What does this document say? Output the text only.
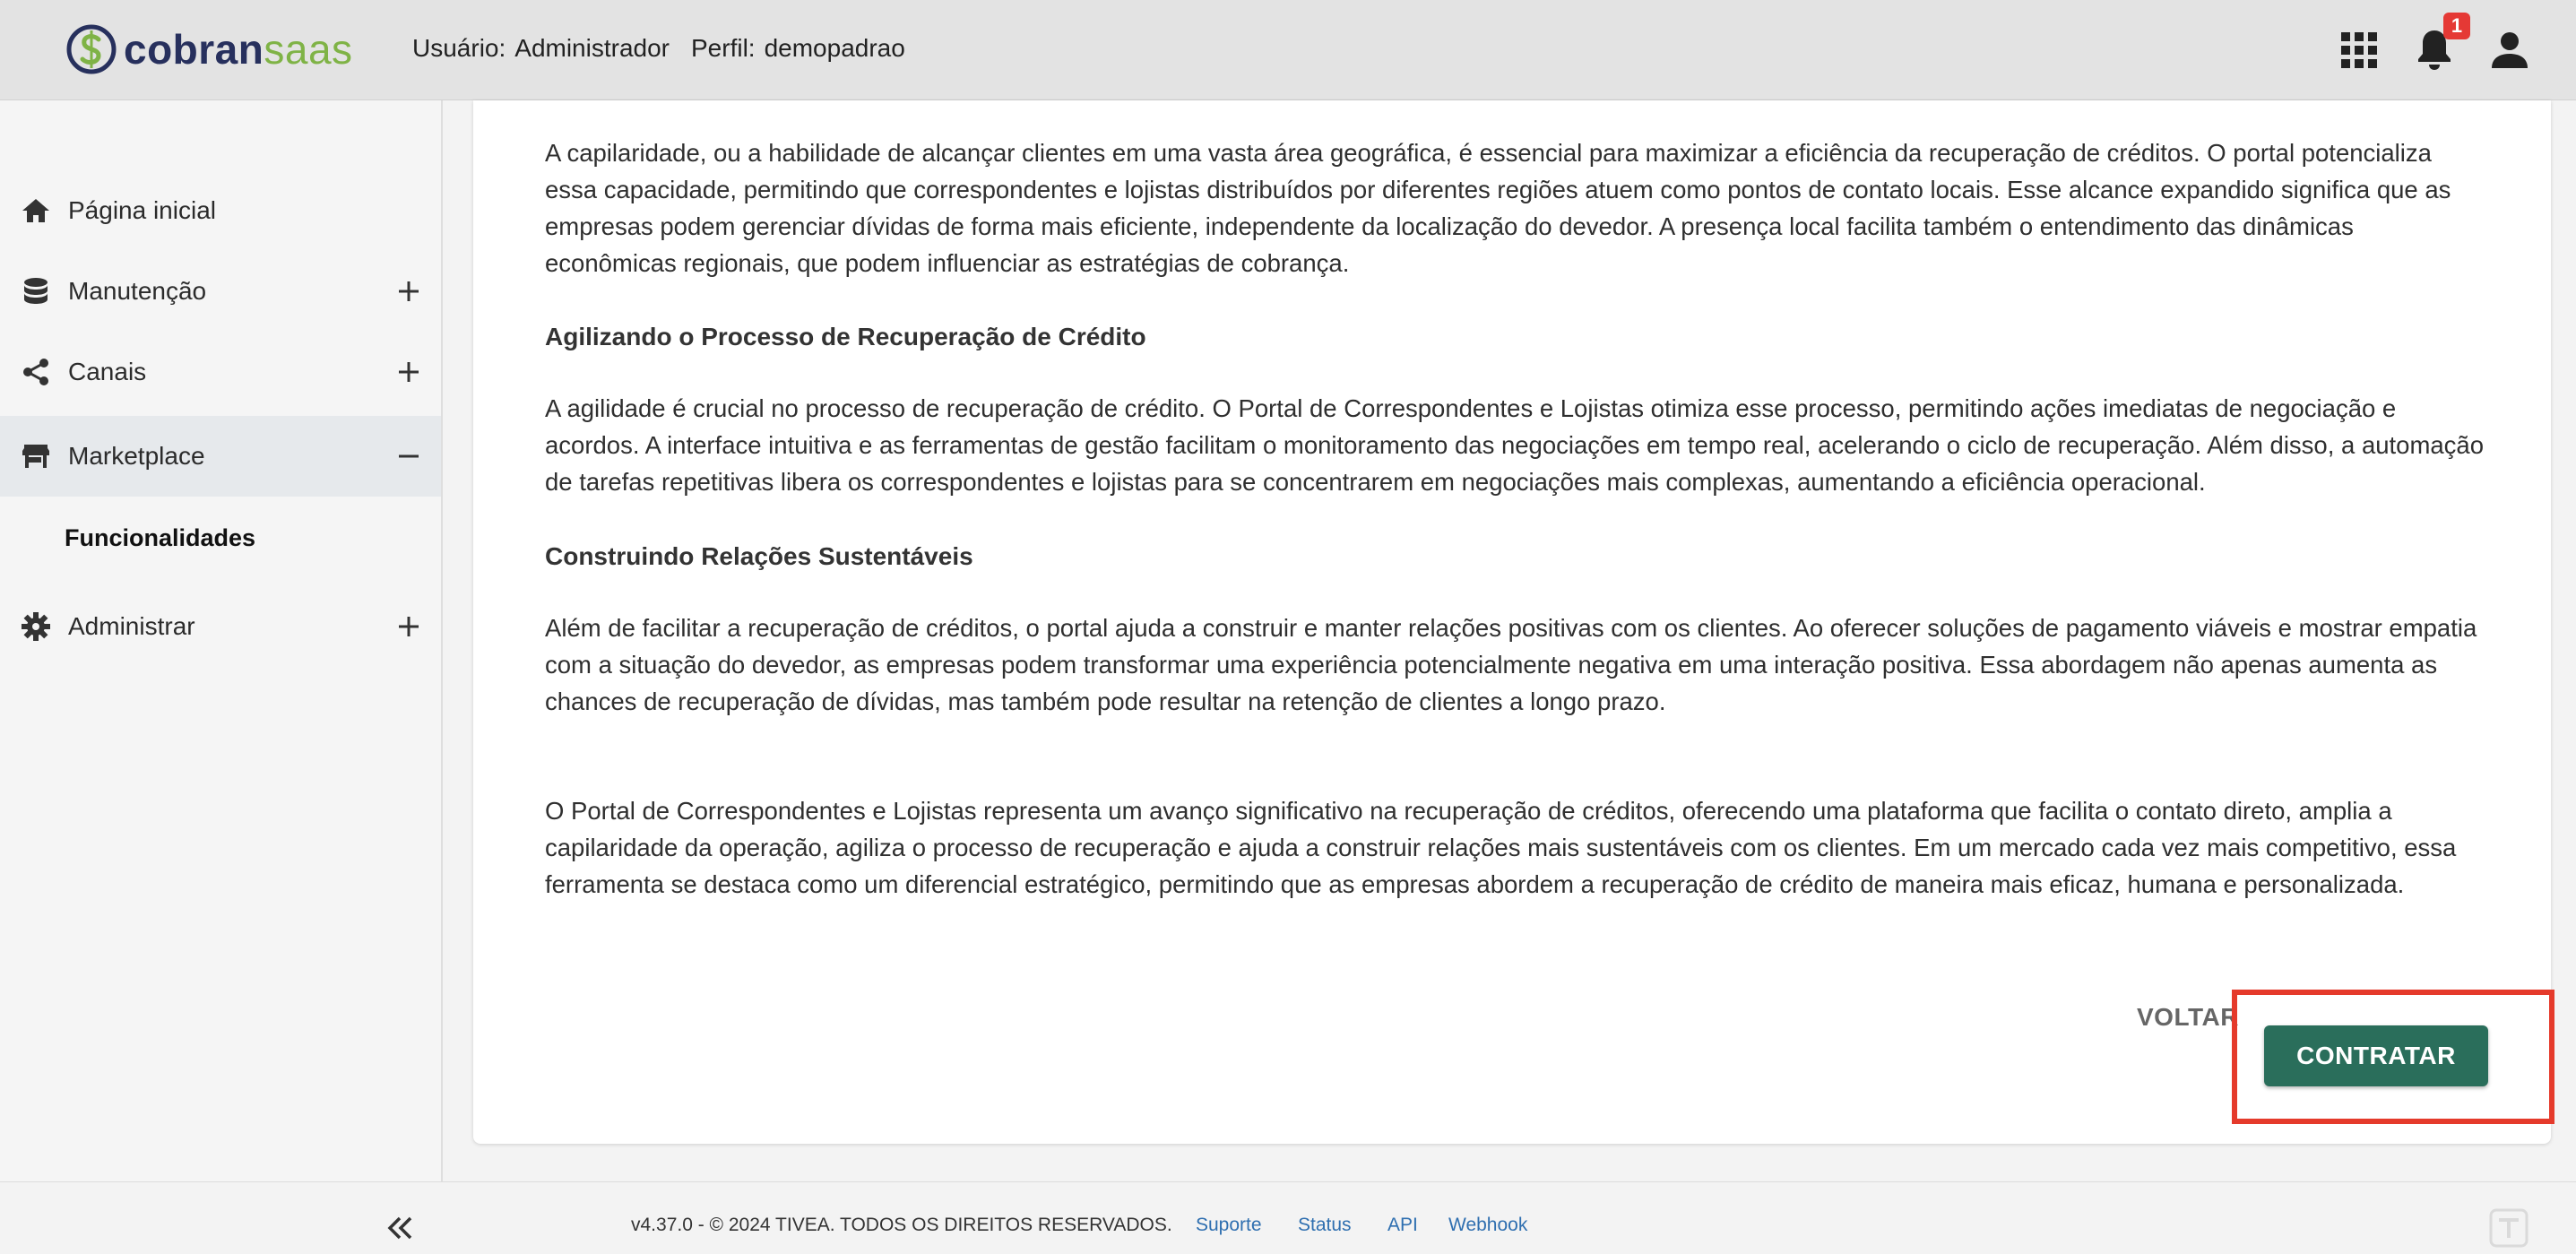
cobransaas Usuário: Administrador Perfil: demopadrao
1
Página inicial
Manutenção
Canais
Marketplace
Funcionalidades
Administrar

A capilaridade, ou a habilidade de alcançar clientes em uma vasta área geográfica, é essencial para maximizar a eficiência da recuperação de créditos. O portal potencializa essa capacidade, permitindo que correspondentes e lojistas distribuídos por diferentes regiões atuem como pontos de contato locais. Esse alcance expandido significa que as empresas podem gerenciar dívidas de forma mais eficiente, independente da localização do devedor. A presença local facilita também o entendimento das dinâmicas econômicas regionais, que podem influenciar as estratégias de cobrança.

Agilizando o Processo de Recuperação de Crédito

A agilidade é crucial no processo de recuperação de crédito. O Portal de Correspondentes e Lojistas otimiza esse processo, permitindo ações imediatas de negociação e acordos. A interface intuitiva e as ferramentas de gestão facilitam o monitoramento das negociações em tempo real, acelerando o ciclo de recuperação. Além disso, a automação de tarefas repetitivas libera os correspondentes e lojistas para se concentrarem em negociações mais complexas, aumentando a eficiência operacional.

Construindo Relações Sustentáveis

Além de facilitar a recuperação de créditos, o portal ajuda a construir e manter relações positivas com os clientes. Ao oferecer soluções de pagamento viáveis e mostrar empatia com a situação do devedor, as empresas podem transformar uma experiência potencialmente negativa em uma interação positiva. Essa abordagem não apenas aumenta as chances de recuperação de dívidas, mas também pode resultar na retenção de clientes a longo prazo.

O Portal de Correspondentes e Lojistas representa um avanço significativo na recuperação de créditos, oferecendo uma plataforma que facilita o contato direto, amplia a capilaridade da operação, agiliza o processo de recuperação e ajuda a construir relações mais sustentáveis com os clientes. Em um mercado cada vez mais competitivo, essa ferramenta se destaca como um diferencial estratégico, permitindo que as empresas abordem a recuperação de crédito de maneira mais eficaz, humana e personalizada.

VOLTAR
CONTRATAR
v4.37.0 - © 2024 TIVEA. TODOS OS DIREITOS RESERVADOS. Suporte Status API Webhook
